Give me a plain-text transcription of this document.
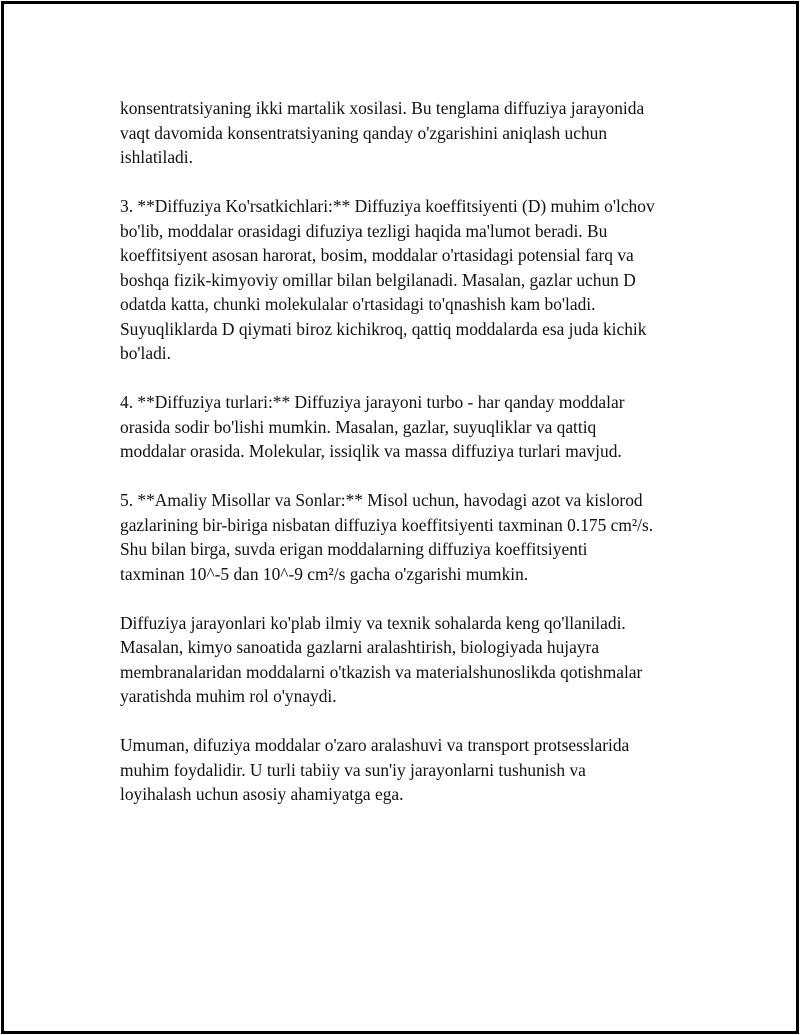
konsentratsiyaning ikki martalik xosilasi. Bu tenglama diffuziya jarayonida
vaqt davomida konsentratsiyaning qanday o'zgarishini aniqlash uchun
ishlatiladi.

3. **Diffuziya Ko'rsatkichlari:** Diffuziya koeffitsiyenti (D) muhim o'lchov
bo'lib, moddalar orasidagi difuziya tezligi haqida ma'lumot beradi. Bu
koeffitsiyent asosan harorat, bosim, moddalar o'rtasidagi potensial farq va
boshqa fizik-kimyoviy omillar bilan belgilanadi. Masalan, gazlar uchun D
odatda katta, chunki molekulalar o'rtasidagi to'qnashish kam bo'ladi.
Suyuqliklarda D qiymati biroz kichikroq, qattiq moddalarda esa juda kichik
bo'ladi.

4. **Diffuziya turlari:** Diffuziya jarayoni turbo - har qanday moddalar
orasida sodir bo'lishi mumkin. Masalan, gazlar, suyuqliklar va qattiq
moddalar orasida. Molekular, issiqlik va massa diffuziya turlari mavjud.

5. **Amaliy Misollar va Sonlar:** Misol uchun, havodagi azot va kislorod
gazlarining bir-biriga nisbatan diffuziya koeffitsiyenti taxminan 0.175 cm²/s.
Shu bilan birga, suvda erigan moddalarning diffuziya koeffitsiyenti
taxminan 10^-5 dan 10^-9 cm²/s gacha o'zgarishi mumkin.

Diffuziya jarayonlari ko'plab ilmiy va texnik sohalarda keng qo'llaniladi.
Masalan, kimyo sanoatida gazlarni aralashtirish, biologiyada hujayra
membranalaridan moddalarni o'tkazish va materialshunoslikda qotishmalar
yaratishda muhim rol o'ynaydi.

Umuman, difuziya moddalar o'zaro aralashuvi va transport protsesslarida
muhim foydalidir. U turli tabiiy va sun'iy jarayonlarni tushunish va
loyihalash uchun asosiy ahamiyatga ega.
